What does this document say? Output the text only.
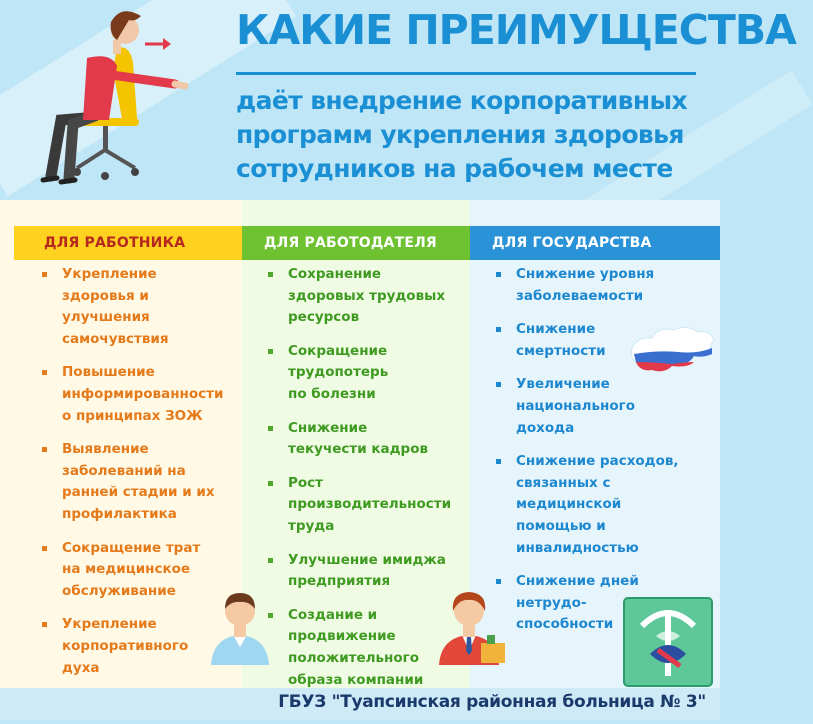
КАКИЕ ПРЕИМУЩЕСТВА
даёт внедрение корпоративных
программ укрепления здоровья
сотрудников на рабочем месте
ДЛЯ РАБОТНИКА
Укрепление
здоровья и
улучшения
самочувствия
Повышение
информированности
о принципах ЗОЖ
Выявление
заболеваний на
ранней стадии и их
профилактика
Сокращение трат
на медицинское
обслуживание
Укрепление
корпоративного
духа
ДЛЯ РАБОТОДАТЕЛЯ
Сохранение
здоровых трудовых
ресурсов
Сокращение
трудопотерь
по болезни
Снижение
текучести кадров
Рост
производительности
труда
Улучшение имиджа
предприятия
Создание и
продвижение
положительного
образа компании
ДЛЯ ГОСУДАРСТВА
Снижение уровня
заболеваемости
Снижение
смертности
Увеличение
национального
дохода
Снижение расходов,
связанных с
медицинской
помощью и
инвалидностью
Снижение дней
нетрудо-
способности
ГБУЗ "Туапсинская районная больница № 3"
